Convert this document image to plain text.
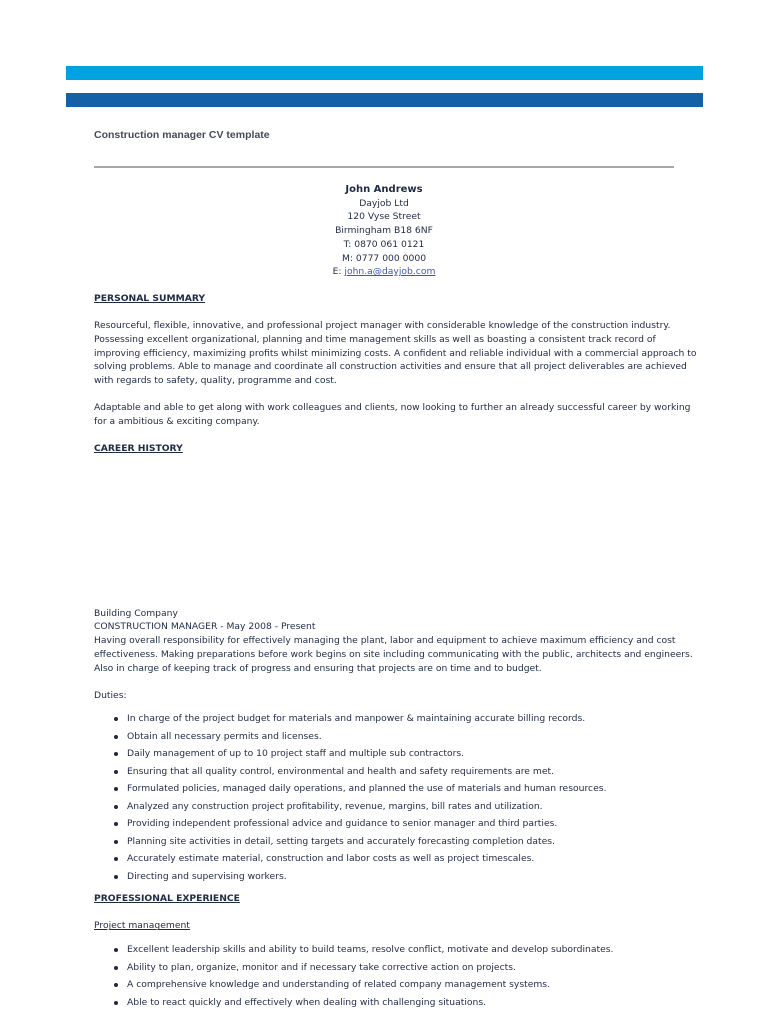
Construction manager CV template

John Andrews

Dayjob Ltd

120 Vyse Street

Birmingham B18 6NF

T: 0870 061 0121

M: 0777 000 0000

E: john.a@dayjob.com

PERSONAL SUMMARY

Resourceful, flexible, innovative, and professional project manager with considerable knowledge of the construction industry. Possessing excellent organizational, planning and time management skills as well as boasting a consistent track record of improving efficiency, maximizing profits whilst minimizing costs. A confident and reliable individual with a commercial approach to solving problems. Able to manage and coordinate all construction activities and ensure that all project deliverables are achieved with regards to safety, quality, programme and cost.

Adaptable and able to get along with work colleagues and clients, now looking to further an already successful career by working for a ambitious & exciting company.

CAREER HISTORY

Building Company

CONSTRUCTION MANAGER - May 2008 - Present

Having overall responsibility for effectively managing the plant, labor and equipment to achieve maximum efficiency and cost effectiveness. Making preparations before work begins on site including communicating with the public, architects and engineers. Also in charge of keeping track of progress and ensuring that projects are on time and to budget.

Duties:

In charge of the project budget for materials and manpower & maintaining accurate billing records.
Obtain all necessary permits and licenses.
Daily management of up to 10 project staff and multiple sub contractors.
Ensuring that all quality control, environmental and health and safety requirements are met.
Formulated policies, managed daily operations, and planned the use of materials and human resources.
Analyzed any construction project profitability, revenue, margins, bill rates and utilization.
Providing independent professional advice and guidance to senior manager and third parties.
Planning site activities in detail, setting targets and accurately forecasting completion dates.
Accurately estimate material, construction and labor costs as well as project timescales.
Directing and supervising workers.

PROFESSIONAL EXPERIENCE

Project management

Excellent leadership skills and ability to build teams, resolve conflict, motivate and develop subordinates.
Ability to plan, organize, monitor and if necessary take corrective action on projects.
A comprehensive knowledge and understanding of related company management systems.
Able to react quickly and effectively when dealing with challenging situations.
